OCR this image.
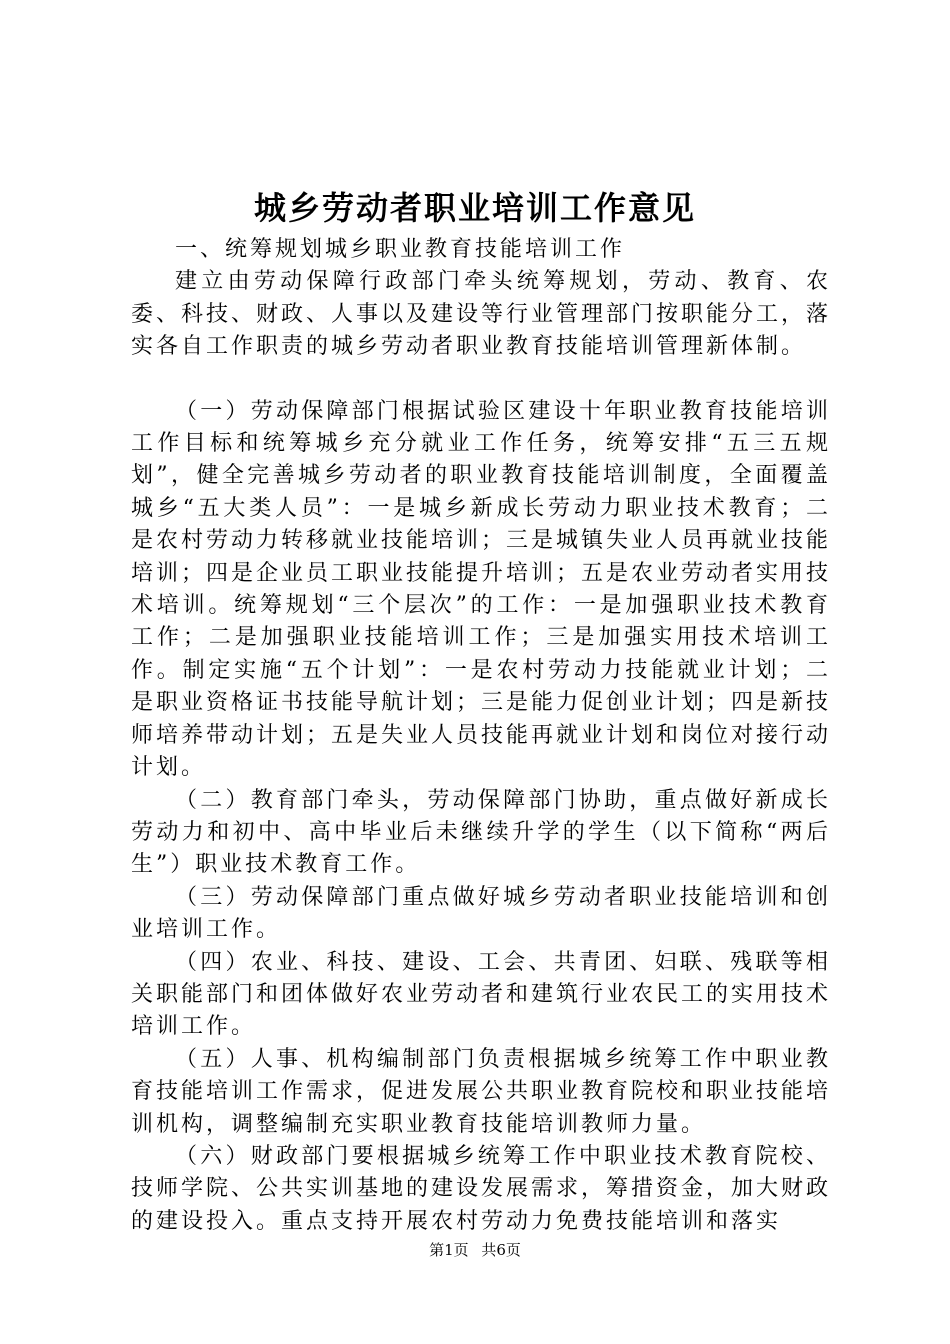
城乡劳动者职业培训工作意见

一、统筹规划城乡职业教育技能培训工作

建立由劳动保障行政部门牵头统筹规划，劳动、教育、农委、科技、财政、人事以及建设等行业管理部门按职能分工，落实各自工作职责的城乡劳动者职业教育技能培训管理新体制。

（一）劳动保障部门根据试验区建设十年职业教育技能培训工作目标和统筹城乡充分就业工作任务，统筹安排“五三五规划”，健全完善城乡劳动者的职业教育技能培训制度，全面覆盖城乡“五大类人员”：一是城乡新成长劳动力职业技术教育；二是农村劳动力转移就业技能培训；三是城镇失业人员再就业技能培训；四是企业员工职业技能提升培训；五是农业劳动者实用技术培训。统筹规划“三个层次”的工作：一是加强职业技术教育工作；二是加强职业技能培训工作；三是加强实用技术培训工作。制定实施“五个计划”：一是农村劳动力技能就业计划；二是职业资格证书技能导航计划；三是能力促创业计划；四是新技师培养带动计划；五是失业人员技能再就业计划和岗位对接行动计划。

（二）教育部门牵头，劳动保障部门协助，重点做好新成长劳动力和初中、高中毕业后未继续升学的学生（以下简称“两后生”）职业技术教育工作。

（三）劳动保障部门重点做好城乡劳动者职业技能培训和创业培训工作。

（四）农业、科技、建设、工会、共青团、妇联、残联等相关职能部门和团体做好农业劳动者和建筑行业农民工的实用技术培训工作。

（五）人事、机构编制部门负责根据城乡统筹工作中职业教育技能培训工作需求，促进发展公共职业教育院校和职业技能培训机构，调整编制充实职业教育技能培训教师力量。

（六）财政部门要根据城乡统筹工作中职业技术教育院校、技师学院、公共实训基地的建设发展需求，筹措资金，加大财政的建设投入。重点支持开展农村劳动力免费技能培训和落实

第1页 共6页
